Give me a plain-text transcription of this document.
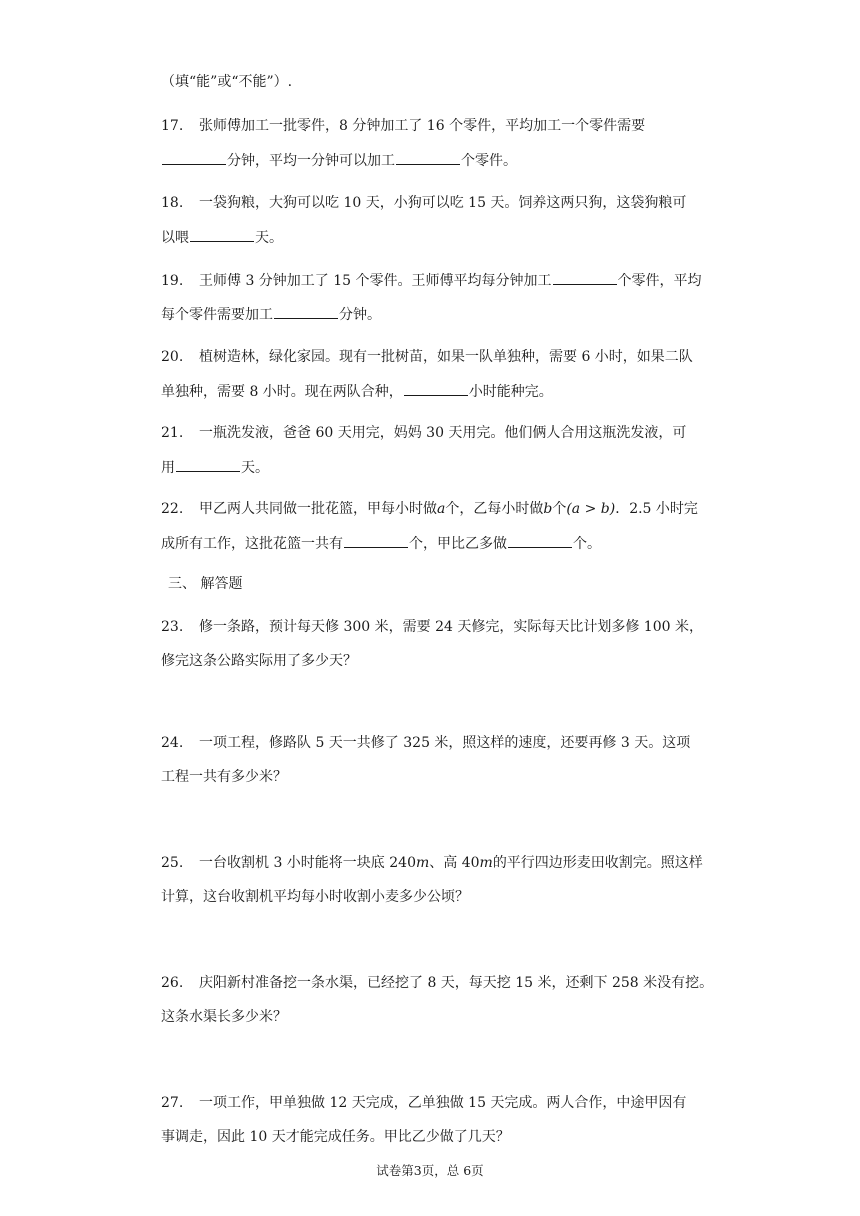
（填“能”或“不能”）.
17. 张师傅加工一批零件，8 分钟加工了 16 个零件，平均加工一个零件需要
分钟，平均一分钟可以加工	个零件。
18. 一袋狗粮，大狗可以吃 10 天，小狗可以吃 15 天。饲养这两只狗，这袋狗粮可
以喂	天。
19. 王师傅 3 分钟加工了 15 个零件。王师傅平均每分钟加工	个零件，平均
每个零件需要加工	分钟。
20. 植树造林，绿化家园。现有一批树苗，如果一队单独种，需要 6 小时，如果二队
单独种，需要 8 小时。现在两队合种，	小时能种完。
21. 一瓶洗发液，爸爸 60 天用完，妈妈 30 天用完。他们俩人合用这瓶洗发液，可
用	天。
22. 甲乙两人共同做一批花篮，甲每小时做a个，乙每小时做b个(a > b)．2.5 小时完
成所有工作，这批花篮一共有	个，甲比乙多做	个。
三、 解答题
23. 修一条路，预计每天修 300 米，需要 24 天修完，实际每天比计划多修 100 米，
修完这条公路实际用了多少天？
24. 一项工程，修路队 5 天一共修了 325 米，照这样的速度，还要再修 3 天。这项
工程一共有多少米？
25. 一台收割机 3 小时能将一块底 240m、高 40m的平行四边形麦田收割完。照这样
计算，这台收割机平均每小时收割小麦多少公顷？
26. 庆阳新村准备挖一条水渠，已经挖了 8 天，每天挖 15 米，还剩下 258 米没有挖。
这条水渠长多少米？
27. 一项工作，甲单独做 12 天完成，乙单独做 15 天完成。两人合作，中途甲因有
事调走，因此 10 天才能完成任务。甲比乙少做了几天？
试卷第3页，总 6页
